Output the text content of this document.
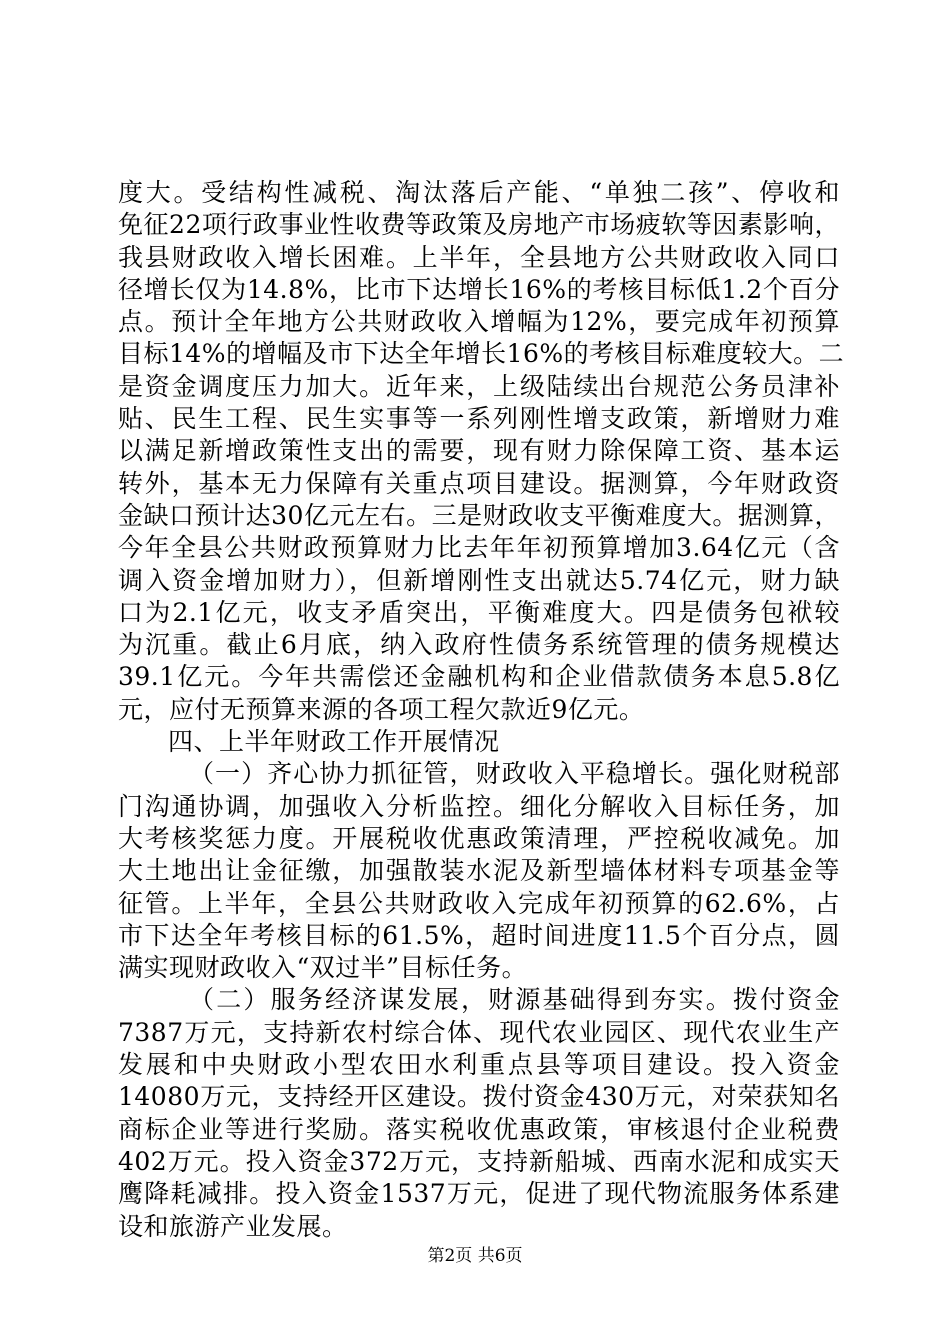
度大。受结构性减税、淘汰落后产能、“单独二孩”、停收和
免征22项行政事业性收费等政策及房地产市场疲软等因素影响，
我县财政收入增长困难。上半年，全县地方公共财政收入同口
径增长仅为14.8%，比市下达增长16%的考核目标低1.2个百分
点。预计全年地方公共财政收入增幅为12%，要完成年初预算
目标14%的增幅及市下达全年增长16%的考核目标难度较大。二
是资金调度压力加大。近年来，上级陆续出台规范公务员津补
贴、民生工程、民生实事等一系列刚性增支政策，新增财力难
以满足新增政策性支出的需要，现有财力除保障工资、基本运
转外，基本无力保障有关重点项目建设。据测算，今年财政资
金缺口预计达30亿元左右。三是财政收支平衡难度大。据测算，
今年全县公共财政预算财力比去年年初预算增加3.64亿元（含
调入资金增加财力），但新增刚性支出就达5.74亿元，财力缺
口为2.1亿元，收支矛盾突出，平衡难度大。四是债务包袱较
为沉重。截止6月底，纳入政府性债务系统管理的债务规模达
39.1亿元。今年共需偿还金融机构和企业借款债务本息5.8亿
元，应付无预算来源的各项工程欠款近9亿元。
四、上半年财政工作开展情况
（一）齐心协力抓征管，财政收入平稳增长。强化财税部
门沟通协调，加强收入分析监控。细化分解收入目标任务，加
大考核奖惩力度。开展税收优惠政策清理，严控税收减免。加
大土地出让金征缴，加强散装水泥及新型墙体材料专项基金等
征管。上半年，全县公共财政收入完成年初预算的62.6%，占
市下达全年考核目标的61.5%，超时间进度11.5个百分点，圆
满实现财政收入“双过半”目标任务。
（二）服务经济谋发展，财源基础得到夯实。拨付资金
7387万元，支持新农村综合体、现代农业园区、现代农业生产
发展和中央财政小型农田水利重点县等项目建设。投入资金
14080万元，支持经开区建设。拨付资金430万元，对荣获知名
商标企业等进行奖励。落实税收优惠政策，审核退付企业税费
402万元。投入资金372万元，支持新船城、西南水泥和成实天
鹰降耗减排。投入资金1537万元，促进了现代物流服务体系建
设和旅游产业发展。
第2页 共6页
